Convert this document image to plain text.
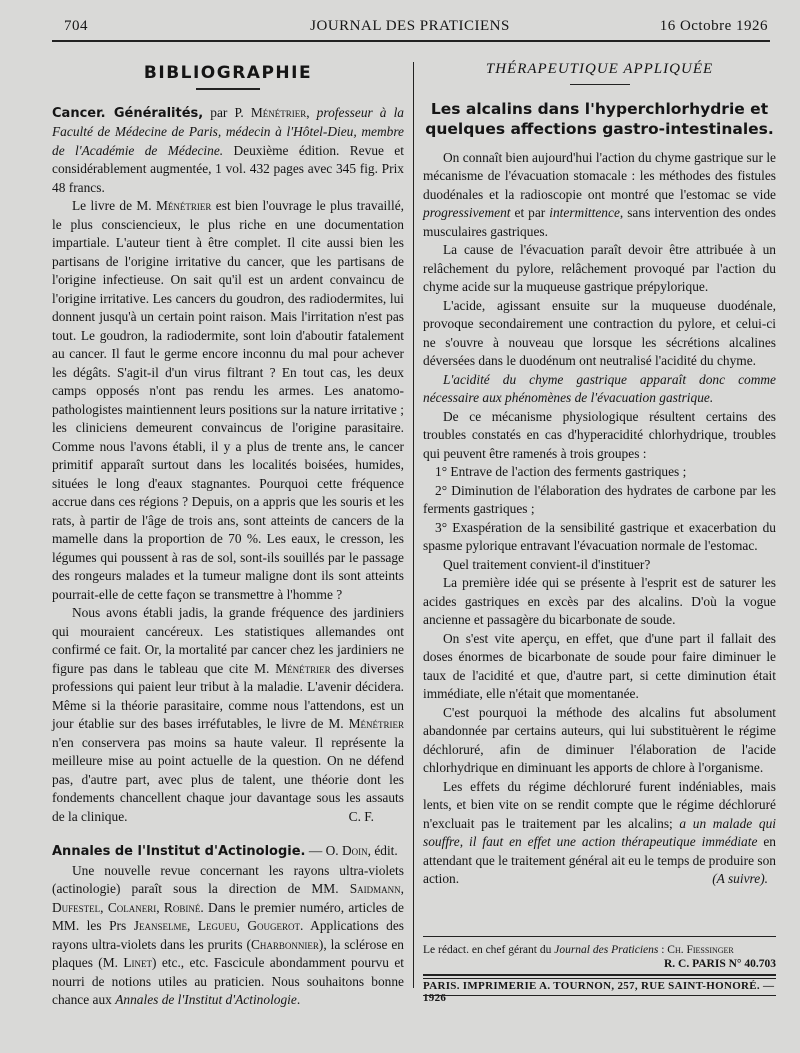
704	JOURNAL DES PRATICIENS	16 Octobre 1926
BIBLIOGRAPHIE

Cancer. Généralités, par P. Ménétrier, professeur à la Faculté de Médecine de Paris, médecin à l'Hôtel-Dieu, membre de l'Académie de Médecine. Deuxième édition. Revue et considérablement augmentée, 1 vol. 432 pages avec 345 fig. Prix 48 francs.

Le livre de M. Ménétrier est bien l'ouvrage le plus travaillé, le plus consciencieux, le plus riche en une documentation impartiale. L'auteur tient à être complet. Il cite aussi bien les partisans de l'origine irritative du cancer, que les partisans de l'origine infectieuse. On sait qu'il est un ardent convaincu de l'origine irritative. Les cancers du goudron, des radiodermites, lui donnent jusqu'à un certain point raison. Mais l'irritation n'est pas tout. Le goudron, la radiodermite, sont loin d'aboutir fatalement au cancer. Il faut le germe encore inconnu du mal pour achever les dégâts. S'agit-il d'un virus filtrant ? En tout cas, les deux camps opposés n'ont pas rendu les armes. Les anatomo-pathologistes maintiennent leurs positions sur la nature irritative ; les cliniciens demeurent convaincus de l'origine parasitaire. Comme nous l'avons établi, il y a plus de trente ans, le cancer primitif apparaît surtout dans les localités boisées, humides, situées le long d'eaux stagnantes. Pourquoi cette fréquence accrue dans ces régions ? Depuis, on a appris que les souris et les rats, à partir de l'âge de trois ans, sont atteints de cancers de la mamelle dans la proportion de 70 %. Les eaux, le cresson, les légumes qui poussent à ras de sol, sont-ils souillés par le passage des rongeurs malades et la tumeur maligne dont ils sont atteints pourrait-elle de cette façon se transmettre à l'homme ?

Nous avons établi jadis, la grande fréquence des jardiniers qui mouraient cancéreux. Les statistiques allemandes ont confirmé ce fait. Or, la mortalité par cancer chez les jardiniers ne figure pas dans le tableau que cite M. Ménétrier des diverses professions qui paient leur tribut à la maladie. L'avenir décidera. Même si la théorie parasitaire, comme nous l'attendons, est un jour établie sur des bases irréfutables, le livre de M. Ménétrier n'en conservera pas moins sa haute valeur. Il représente la meilleure mise au point actuelle de la question. On ne défend pas, d'autre part, avec plus de talent, une théorie dont les fondements chancellent chaque jour davantage sous les assauts de la clinique.	C. F.

Annales de l'Institut d'Actinologie. — O. Doin, édit.

Une nouvelle revue concernant les rayons ultra-violets (actinologie) paraît sous la direction de MM. Saidmann, Dufestel, Colaneri, Robiné. Dans le premier numéro, articles de MM. les Prs Jeanselme, Legueu, Gougerot. Applications des rayons ultra-violets dans les prurits (Charbonnier), la sclérose en plaques (M. Linet) etc., etc. Fascicule abondamment pourvu et nourri de notions utiles au praticien. Nous souhaitons bonne chance aux Annales de l'Institut d'Actinologie.

THÉRAPEUTIQUE APPLIQUÉE
Les alcalins dans l'hyperchlorhydrie et quelques affections gastro-intestinales.

On connaît bien aujourd'hui l'action du chyme gastrique sur le mécanisme de l'évacuation stomacale : les méthodes des fistules duodénales et la radioscopie ont montré que l'estomac se vide progressivement et par intermittence, sans intervention des ondes musculaires gastriques.

La cause de l'évacuation paraît devoir être attribuée à un relâchement du pylore, relâchement provoqué par l'action du chyme acide sur la muqueuse gastrique prépylorique.

L'acide, agissant ensuite sur la muqueuse duodénale, provoque secondairement une contraction du pylore, et celui-ci ne s'ouvre à nouveau que lorsque les sécrétions alcalines déversées dans le duodénum ont neutralisé l'acidité du chyme.

L'acidité du chyme gastrique apparaît donc comme nécessaire aux phénomènes de l'évacuation gastrique.

De ce mécanisme physiologique résultent certains des troubles constatés en cas d'hyperacidité chlorhydrique, troubles qui peuvent être ramenés à trois groupes :

1° Entrave de l'action des ferments gastriques ;

2° Diminution de l'élaboration des hydrates de carbone par les ferments gastriques ;

3° Exaspération de la sensibilité gastrique et exacerbation du spasme pylorique entravant l'évacuation normale de l'estomac.

Quel traitement convient-il d'instituer?

La première idée qui se présente à l'esprit est de saturer les acides gastriques en excès par des alcalins. D'où la vogue ancienne et passagère du bicarbonate de soude.

On s'est vite aperçu, en effet, que d'une part il fallait des doses énormes de bicarbonate de soude pour faire diminuer le taux de l'acidité et que, d'autre part, si cette diminution était immédiate, elle n'était que momentanée.

C'est pourquoi la méthode des alcalins fut absolument abandonnée par certains auteurs, qui lui substituèrent le régime déchloruré, afin de diminuer l'élaboration de l'acide chlorhydrique en diminuant les apports de chlore à l'organisme.

Les effets du régime déchloruré furent indéniables, mais lents, et bien vite on se rendit compte que le régime déchloruré n'excluait pas le traitement par les alcalins; a un malade qui souffre, il faut en effet une action thérapeutique immédiate en attendant que le traitement général ait eu le temps de produire son action.	(A suivre).

Le rédact. en chef gérant du Journal des Praticiens : Ch. Fiessinger
R. C. PARIS N° 40.703
PARIS. IMPRIMERIE A. TOURNON, 257, RUE SAINT-HONORÉ. — 1926
